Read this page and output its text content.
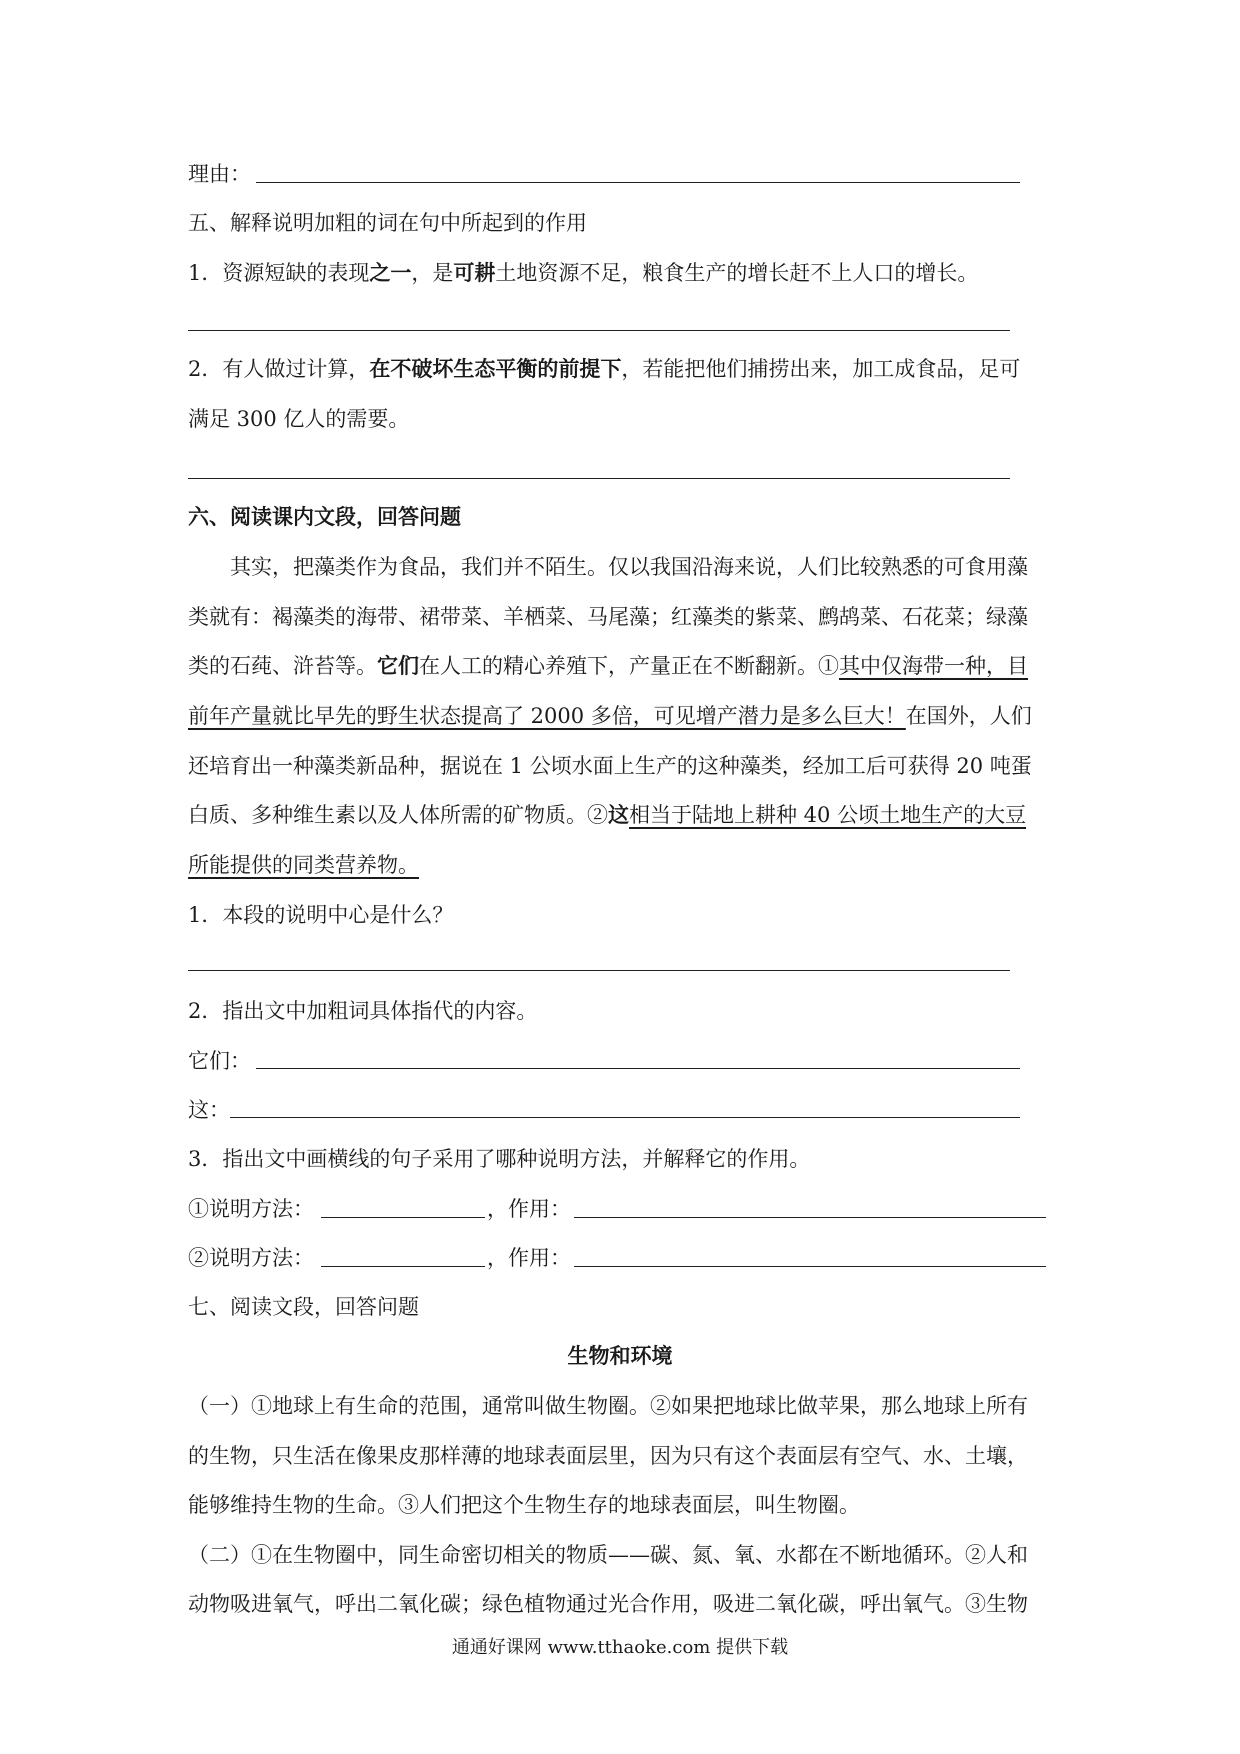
理由：
五、解释说明加粗的词在句中所起到的作用
1．资源短缺的表现之一，是可耕土地资源不足，粮食生产的增长赶不上人口的增长。
2．有人做过计算，在不破坏生态平衡的前提下，若能把他们捕捞出来，加工成食品，足可
满足 300 亿人的需要。
六、阅读课内文段，回答问题
其实，把藻类作为食品，我们并不陌生。仅以我国沿海来说，人们比较熟悉的可食用藻
类就有：褐藻类的海带、裙带菜、羊栖菜、马尾藻；红藻类的紫菜、鹧鸪菜、石花菜；绿藻
类的石莼、浒苔等。它们在人工的精心养殖下，产量正在不断翻新。①其中仅海带一种，目
前年产量就比早先的野生状态提高了 2000 多倍，可见增产潜力是多么巨大！在国外，人们
还培育出一种藻类新品种，据说在 1 公顷水面上生产的这种藻类，经加工后可获得 20 吨蛋
白质、多种维生素以及人体所需的矿物质。②这相当于陆地上耕种 40 公顷土地生产的大豆
所能提供的同类营养物。
1．本段的说明中心是什么？
2．指出文中加粗词具体指代的内容。
它们：
这：
3．指出文中画横线的句子采用了哪种说明方法，并解释它的作用。
①说明方法：	，作用：
②说明方法：	，作用：
七、阅读文段，回答问题
生物和环境
（一）①地球上有生命的范围，通常叫做生物圈。②如果把地球比做苹果，那么地球上所有
的生物，只生活在像果皮那样薄的地球表面层里，因为只有这个表面层有空气、水、土壤，
能够维持生物的生命。③人们把这个生物生存的地球表面层，叫生物圈。
（二）①在生物圈中，同生命密切相关的物质——碳、氮、氧、水都在不断地循环。②人和
动物吸进氧气，呼出二氧化碳；绿色植物通过光合作用，吸进二氧化碳，呼出氧气。③生物
通通好课网 www.tthaoke.com 提供下载
